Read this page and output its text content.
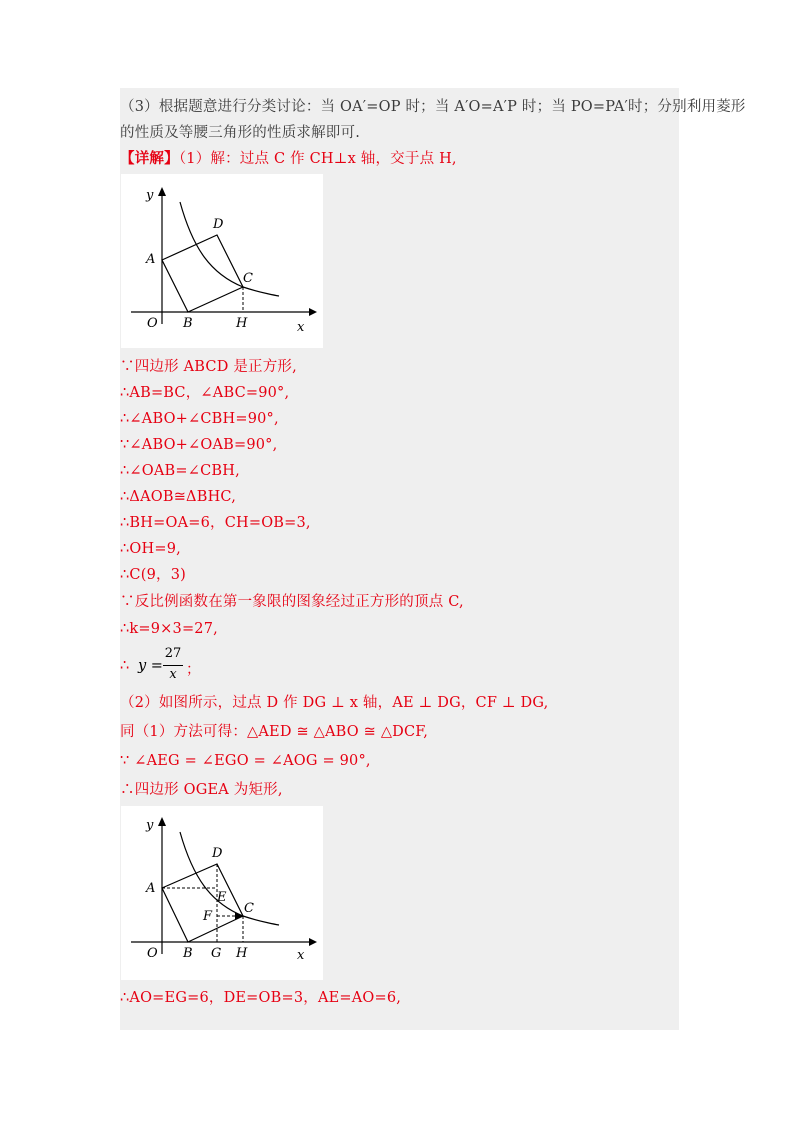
（3）根据题意进行分类讨论：当 OA′=OP 时；当 A′O=A′P 时；当 PO=PA′时；分别利用菱形
的性质及等腰三角形的性质求解即可.
【详解】（1）解：过点 C 作 CH⊥x 轴，交于点 H,
y
x
A
D
C
O B	H
∵四边形 ABCD 是正方形,
∴AB=BC，∠ABC=90°,
∴∠ABO+∠CBH=90°,
∵∠ABO+∠OAB=90°,
∴∠OAB=∠CBH,
∴ΔAOB≅ΔBHC,
∴BH=OA=6，CH=OB=3,
∴OH=9,
∴C(9，3)
∵反比例函数在第一象限的图象经过正方形的顶点 C,
∴k=9×3=27,
∴ y =
27
x ；
（2）如图所示，过点 D 作 DG ⊥ x 轴，AE ⊥ DG，CF ⊥ DG,
同（1）方法可得：△AED ≅ △ABO ≅ △DCF,
∵ ∠AEG = ∠EGO = ∠AOG = 90°,
∴四边形 OGEA 为矩形,
y
x
A
D
E
F
C
O B G H
∴AO=EG=6，DE=OB=3，AE=AO=6,
